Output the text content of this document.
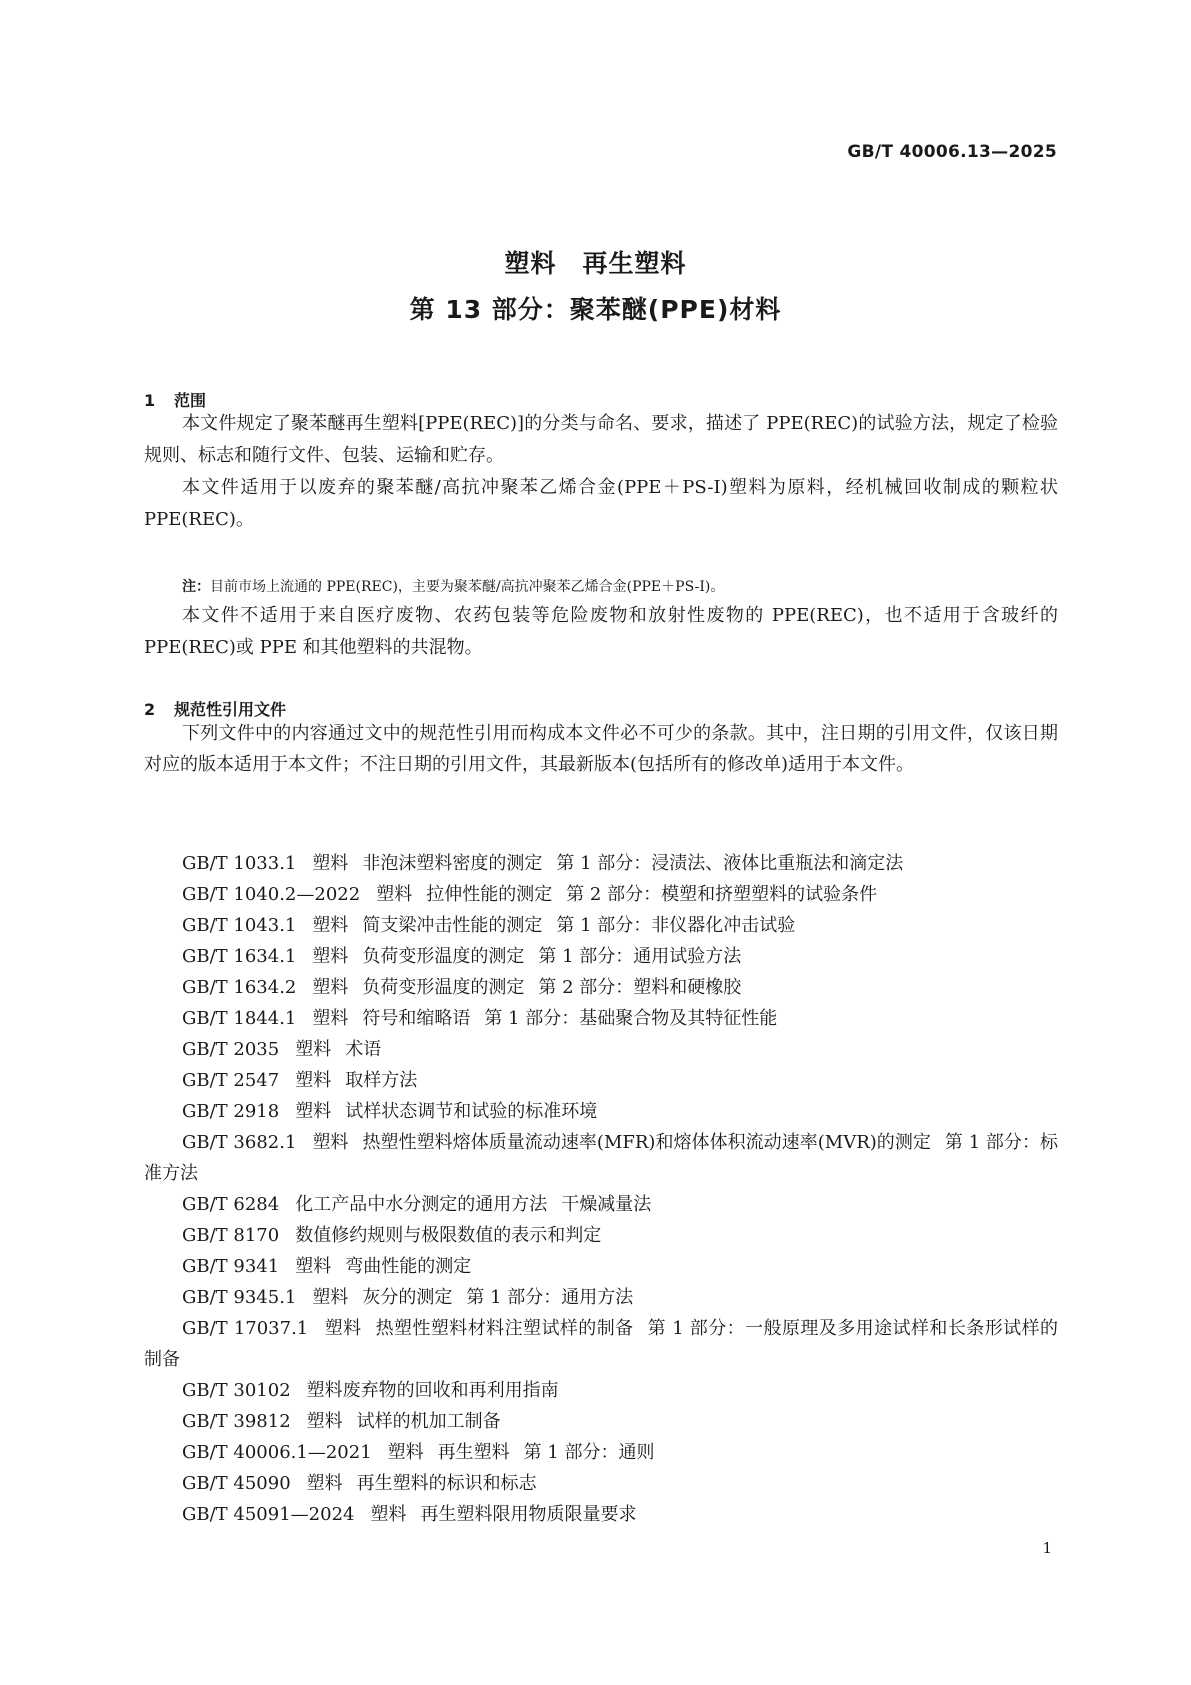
GB/T 40006.13—2025
塑料　再生塑料
第 13 部分：聚苯醚(PPE)材料
1 范围

本文件规定了聚苯醚再生塑料[PPE(REC)]的分类与命名、要求，描述了 PPE(REC)的试验方法，规定了检验规则、标志和随行文件、包装、运输和贮存。

本文件适用于以废弃的聚苯醚/高抗冲聚苯乙烯合金(PPE＋PS-I)塑料为原料，经机械回收制成的颗粒状 PPE(REC)。

注：目前市场上流通的 PPE(REC)，主要为聚苯醚/高抗冲聚苯乙烯合金(PPE＋PS-I)。

本文件不适用于来自医疗废物、农药包装等危险废物和放射性废物的 PPE(REC)，也不适用于含玻纤的 PPE(REC)或 PPE 和其他塑料的共混物。

2 规范性引用文件

下列文件中的内容通过文中的规范性引用而构成本文件必不可少的条款。其中，注日期的引用文件，仅该日期对应的版本适用于本文件；不注日期的引用文件，其最新版本(包括所有的修改单)适用于本文件。

GB/T 1033.1 塑料 非泡沫塑料密度的测定 第 1 部分：浸渍法、液体比重瓶法和滴定法
GB/T 1040.2—2022 塑料 拉伸性能的测定 第 2 部分：模塑和挤塑塑料的试验条件
GB/T 1043.1 塑料 简支梁冲击性能的测定 第 1 部分：非仪器化冲击试验
GB/T 1634.1 塑料 负荷变形温度的测定 第 1 部分：通用试验方法
GB/T 1634.2 塑料 负荷变形温度的测定 第 2 部分：塑料和硬橡胶
GB/T 1844.1 塑料 符号和缩略语 第 1 部分：基础聚合物及其特征性能
GB/T 2035 塑料 术语
GB/T 2547 塑料 取样方法
GB/T 2918 塑料 试样状态调节和试验的标准环境
GB/T 3682.1 塑料 热塑性塑料熔体质量流动速率(MFR)和熔体体积流动速率(MVR)的测定 第 1 部分：标准方法
GB/T 6284 化工产品中水分测定的通用方法 干燥减量法
GB/T 8170 数值修约规则与极限数值的表示和判定
GB/T 9341 塑料 弯曲性能的测定
GB/T 9345.1 塑料 灰分的测定 第 1 部分：通用方法
GB/T 17037.1 塑料 热塑性塑料材料注塑试样的制备 第 1 部分：一般原理及多用途试样和长条形试样的制备
GB/T 30102 塑料废弃物的回收和再利用指南
GB/T 39812 塑料 试样的机加工制备
GB/T 40006.1—2021 塑料 再生塑料 第 1 部分：通则
GB/T 45090 塑料 再生塑料的标识和标志
GB/T 45091—2024 塑料 再生塑料限用物质限量要求
1
